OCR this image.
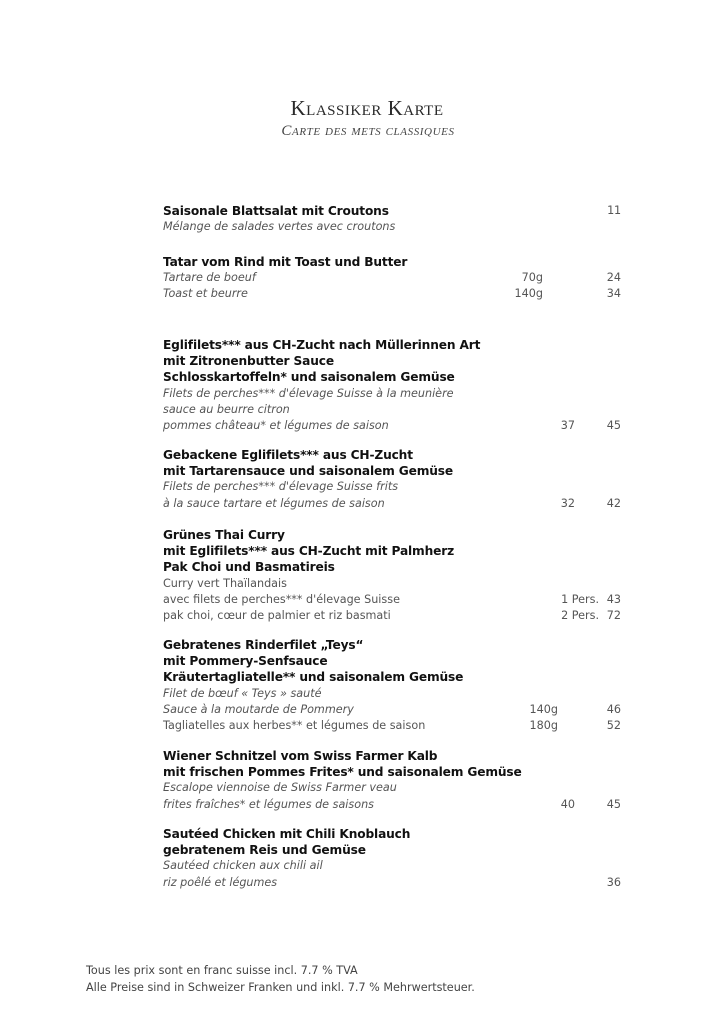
Klassiker Karte
Carte des mets classiques
Saisonale Blattsalat mit Croutons	11
Mélange de salades vertes avec croutons
Tatar vom Rind mit Toast und Butter
Tartare de boeuf	70g	24
Toast et beurre	140g	34
Eglifilets*** aus CH-Zucht nach Müllerinnen Art
mit Zitronenbutter Sauce
Schlosskartoffeln* und saisonalem Gemüse
Filets de perches*** d'élevage Suisse à la meunière
sauce au beurre citron
pommes château* et légumes de saison	37	45
Gebackene Eglifilets*** aus CH-Zucht
mit Tartarensauce und saisonalem Gemüse
Filets de perches*** d'élevage Suisse frits
à la sauce tartare et légumes de saison	32	42
Grünes Thai Curry
mit Eglifilets*** aus CH-Zucht mit Palmherz
Pak Choi und Basmatireis
Curry vert Thaïlandais
avec filets de perches*** d'élevage Suisse	1 Pers. 43
pak choi, cœur de palmier et riz basmati	2 Pers. 72
Gebratenes Rinderfilet „Teys“
mit Pommery-Senfsauce
Kräutertagliatelle** und saisonalem Gemüse
Filet de bœuf « Teys » sauté
Sauce à la moutarde de Pommery	140g	46
Tagliatelles aux herbes** et légumes de saison	180g	52
Wiener Schnitzel vom Swiss Farmer Kalb
mit frischen Pommes Frites* und saisonalem Gemüse
Escalope viennoise de Swiss Farmer veau
frites fraîches* et légumes de saisons	40	45
Sautéed Chicken mit Chili Knoblauch
gebratenem Reis und Gemüse
Sautéed chicken aux chili ail
riz poêlé et légumes	36
Tous les prix sont en franc suisse incl. 7.7 % TVA
Alle Preise sind in Schweizer Franken und inkl. 7.7 % Mehrwertsteuer.
